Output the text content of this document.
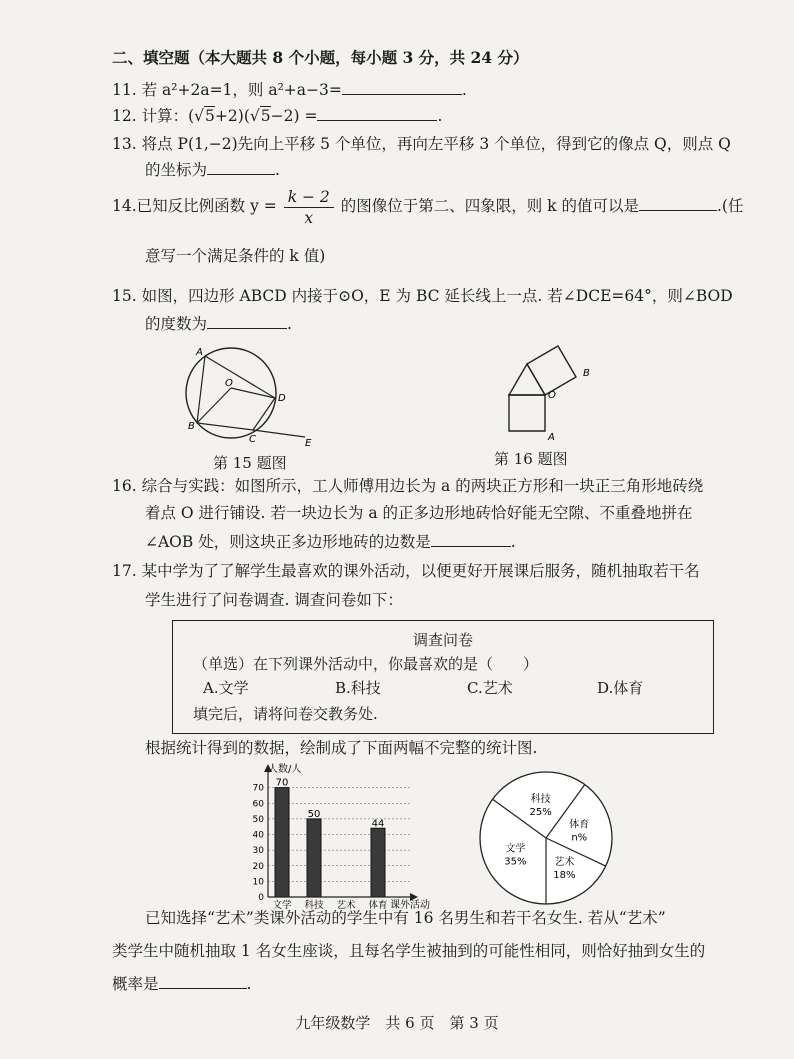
二、填空题（本大题共 8 个小题，每小题 3 分，共 24 分）
11. 若 a²+2a=1，则 a²+a−3=	.
12. 计算：(√5+2)(√5−2) =	.
13. 将点 P(1,−2)先向上平移 5 个单位，再向左平移 3 个单位，得到它的像点 Q，则点 Q
的坐标为	.
14.已知反比例函数 $y = \frac{k - 2}{x}$ 的图像位于第二、四象限，则 k 的值可以是	.(任
意写一个满足条件的 k 值)
15. 如图，四边形 ABCD 内接于⊙O，E 为 BC 延长线上一点. 若∠DCE=64°，则∠BOD
的度数为	.
A
O
D
B
C	E
第 15 题图
B
O
A
第 16 题图
16. 综合与实践：如图所示，工人师傅用边长为 a 的两块正方形和一块正三角形地砖绕
着点 O 进行铺设. 若一块边长为 a 的正多边形地砖恰好能无空隙、不重叠地拼在
∠AOB 处，则这块正多边形地砖的边数是	.
17. 某中学为了了解学生最喜欢的课外活动，以便更好开展课后服务，随机抽取若干名
学生进行了问卷调查. 调查问卷如下：
调查问卷
（单选）在下列课外活动中，你最喜欢的是（　　）
A.文学	B.科技	C.艺术	D.体育
填完后，请将问卷交教务处.
根据统计得到的数据，绘制成了下面两幅不完整的统计图.
0
10
20
30
40
50
60
70 70
50
44
文学 科技 艺术 体育
人数/人
课外活动
文学
35%
科技
25%
体育
n%
艺术
18%
已知选择“艺术”类课外活动的学生中有 16 名男生和若干名女生. 若从“艺术”
类学生中随机抽取 1 名女生座谈，且每名学生被抽到的可能性相同，则恰好抽到女生的
概率是	.
九年级数学　共 6 页　第 3 页
